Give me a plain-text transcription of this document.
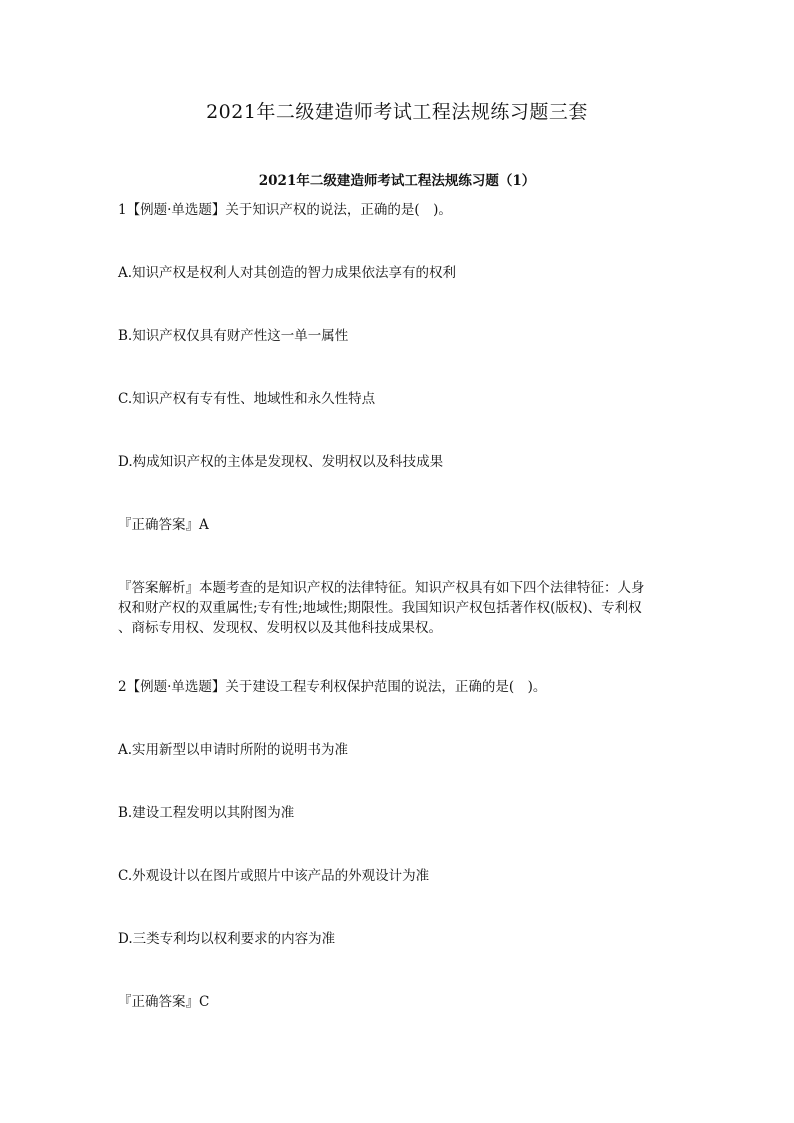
2021年二级建造师考试工程法规练习题三套
2021年二级建造师考试工程法规练习题（1）
1【例题·单选题】关于知识产权的说法，正确的是(　)。
A.知识产权是权利人对其创造的智力成果依法享有的权利
B.知识产权仅具有财产性这一单一属性
C.知识产权有专有性、地域性和永久性特点
D.构成知识产权的主体是发现权、发明权以及科技成果
『正确答案』A
『答案解析』本题考查的是知识产权的法律特征。知识产权具有如下四个法律特征：人身
权和财产权的双重属性;专有性;地域性;期限性。我国知识产权包括著作权(版权)、专利权
、商标专用权、发现权、发明权以及其他科技成果权。
2【例题·单选题】关于建设工程专利权保护范围的说法，正确的是(　)。
A.实用新型以申请时所附的说明书为准
B.建设工程发明以其附图为准
C.外观设计以在图片或照片中该产品的外观设计为准
D.三类专利均以权利要求的内容为准
『正确答案』C
